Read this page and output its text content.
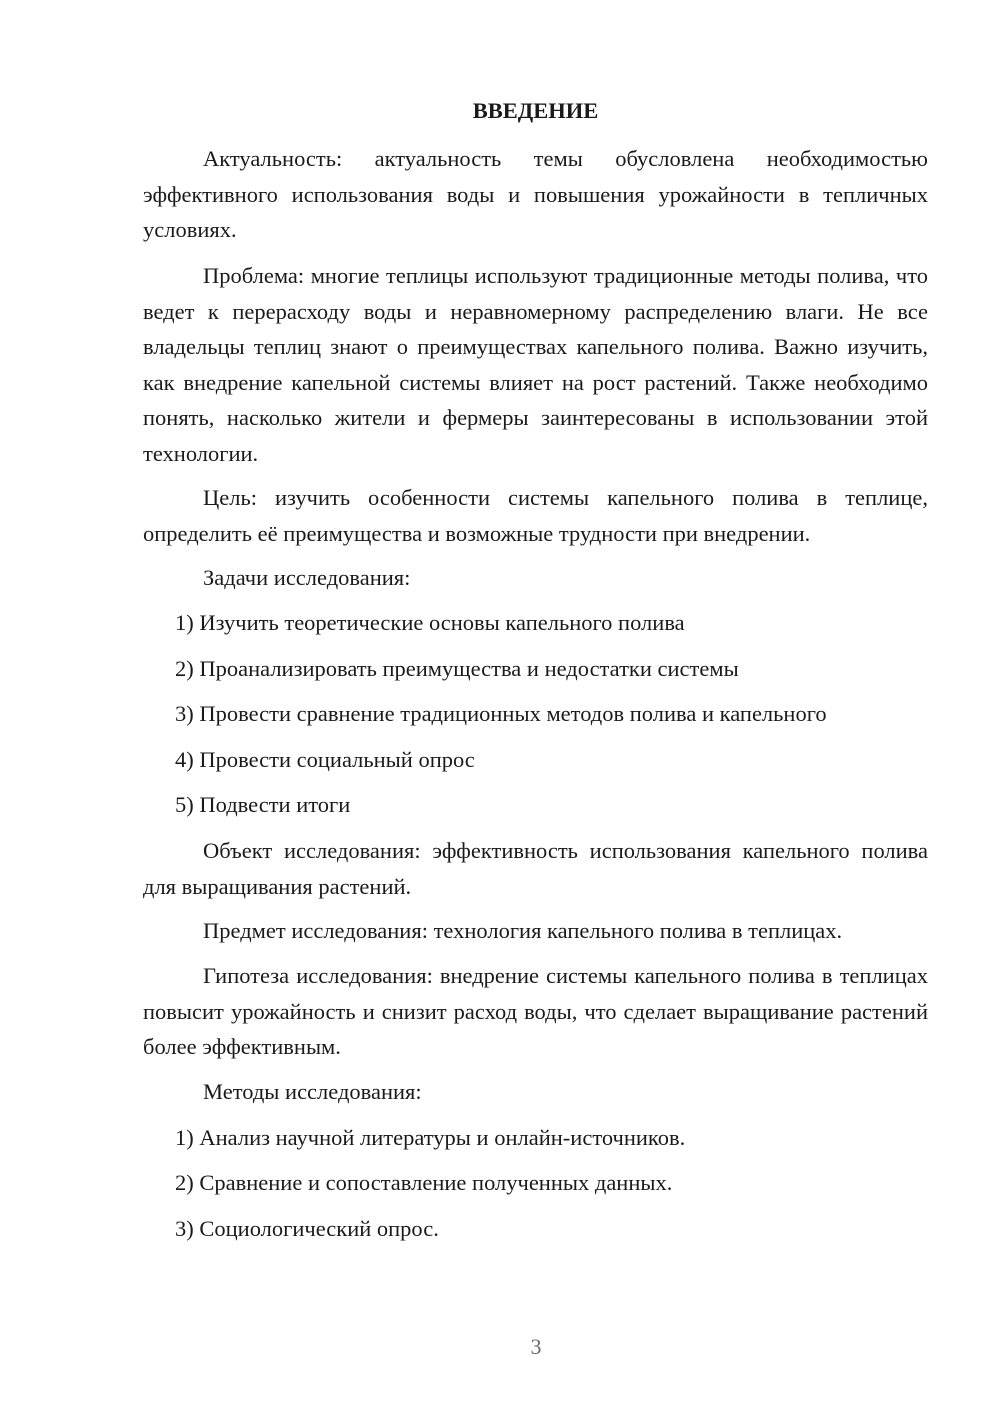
ВВЕДЕНИЕ

Актуальность: актуальность темы обусловлена необходимостью эффективного использования воды и повышения урожайности в тепличных условиях.

Проблема: многие теплицы используют традиционные методы полива, что ведет к перерасходу воды и неравномерному распределению влаги. Не все владельцы теплиц знают о преимуществах капельного полива. Важно изучить, как внедрение капельной системы влияет на рост растений. Также необходимо понять, насколько жители и фермеры заинтересованы в использовании этой технологии.

Цель: изучить особенности системы капельного полива в теплице, определить её преимущества и возможные трудности при внедрении.

Задачи исследования:

1) Изучить теоретические основы капельного полива

2) Проанализировать преимущества и недостатки системы

3) Провести сравнение традиционных методов полива и капельного

4) Провести социальный опрос

5) Подвести итоги

Объект исследования: эффективность использования капельного полива для выращивания растений.

Предмет исследования: технология капельного полива в теплицах.

Гипотеза исследования: внедрение системы капельного полива в теплицах повысит урожайность и снизит расход воды, что сделает выращивание растений более эффективным.

Методы исследования:

1) Анализ научной литературы и онлайн-источников.

2) Сравнение и сопоставление полученных данных.

3) Социологический опрос.

3
